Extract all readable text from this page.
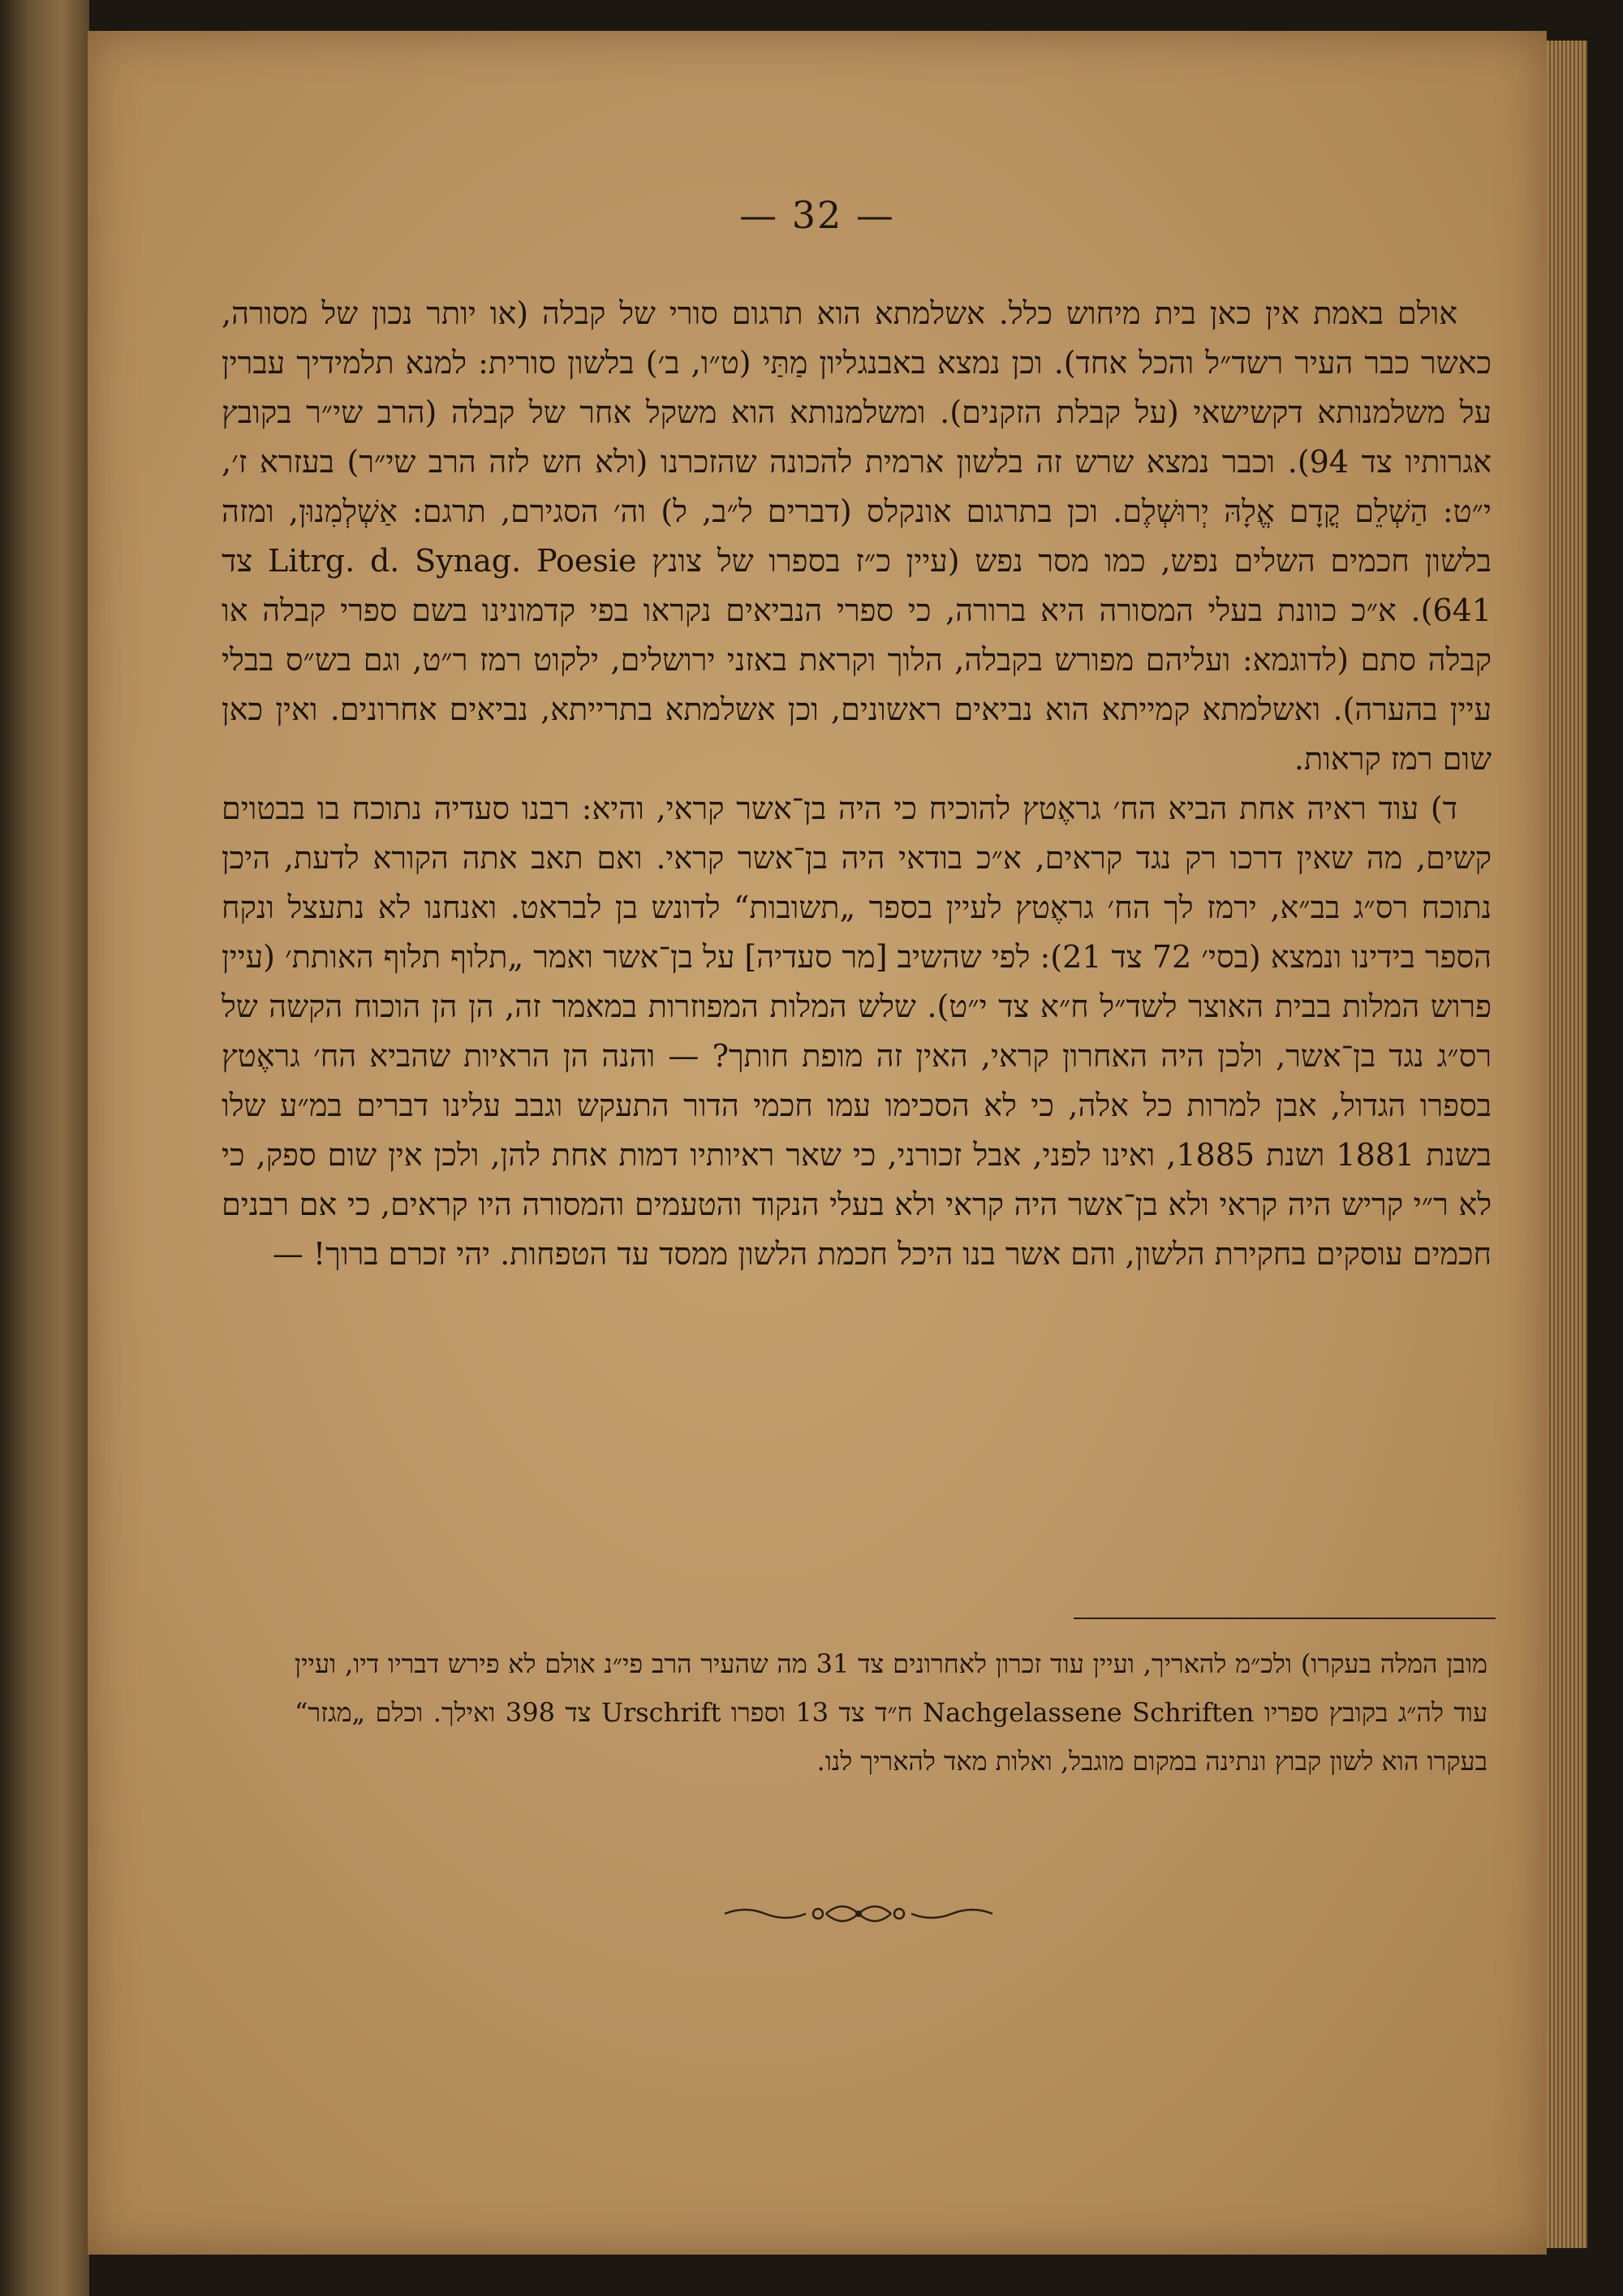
— 32 —

אולם באמת אין כאן בית מיחוש כלל. אשלמתא הוא תרגום סורי של קבלה (או יותר נכון של מסורה, כאשר כבר העיר רשד״ל והכל אחד). וכן נמצא באבנגליון מַתַּי (ט״ו, ב׳) בלשון סורית: למנא תלמידיך עברין על משלמנותא דקשישאי (על קבלת הזקנים). ומשלמנותא הוא משקל אחר של קבלה (הרב שי״ר בקובץ אגרותיו צד 94). וכבר נמצא שרש זה בלשון ארמית להכונה שהזכרנו (ולא חש לזה הרב שי״ר) בעזרא ז׳, י״ט: הַשְׁלֵם קֳדָם אֱלָהּ יְרוּשְׁלֶם. וכן בתרגום אונקלס (דברים ל״ב, ל) וה׳ הסגירם, תרגם: אַשְׁלְמִנוּן, ומזה בלשון חכמים השלים נפש, כמו מסר נפש (עיין כ״ז בספרו של צונץ Litrg. d. Synag. Poesie צד 641). א״כ כוונת בעלי המסורה היא ברורה, כי ספרי הנביאים נקראו בפי קדמונינו בשם ספרי קבלה או קבלה סתם (לדוגמא: ועליהם מפורש בקבלה, הלוך וקראת באזני ירושלים, ילקוט רמז ר״ט, וגם בש״ס בבלי עיין בהערה). ואשלמתא קמייתא הוא נביאים ראשונים, וכן אשלמתא בתרייתא, נביאים אחרונים. ואין כאן שום רמז קראות.

ד) עוד ראיה אחת הביא הח׳ גראֶטץ להוכיח כי היה בן־אשר קראי, והיא: רבנו סעדיה נתוכח בו בבטוים קשים, מה שאין דרכו רק נגד קראים, א״כ בודאי היה בן־אשר קראי. ואם תאב אתה הקורא לדעת, היכן נתוכח רס״ג בב״א, ירמז לך הח׳ גראֶטץ לעיין בספר „תשובות“ לדונש בן לבראט. ואנחנו לא נתעצל ונקח הספר בידינו ונמצא (בסי׳ 72 צד 21): לפי שהשיב [מר סעדיה] על בן־אשר ואמר „תלוף תלוף האותת׳ (עיין פרוש המלות בבית האוצר לשד״ל ח״א צד י״ט). שלש המלות המפוזרות במאמר זה, הן הן הוכוח הקשה של רס״ג נגד בן־אשר, ולכן היה האחרון קראי, האין זה מופת חותך? — והנה הן הראיות שהביא הח׳ גראֶטץ בספרו הגדול, אבן למרות כל אלה, כי לא הסכימו עמו חכמי הדור התעקש וגבב עלינו דברים במ״ע שלו בשנת 1881 ושנת 1885, ואינו לפני, אבל זכורני, כי שאר ראיותיו דמות אחת להן, ולכן אין שום ספק, כי לא ר״י קריש היה קראי ולא בן־אשר היה קראי ולא בעלי הנקוד והטעמים והמסורה היו קראים, כי אם רבנים חכמים עוסקים בחקירת הלשון, והם אשר בנו היכל חכמת הלשון ממסד עד הטפחות. יהי זכרם ברוך! —

מובן המלה בעקרו) ולכ״מ להאריך, ועיין עוד זכרון לאחרונים צד 31 מה שהעיר הרב פי״נ אולם לא פירש דבריו דיו, ועיין עוד לה״ג בקובץ ספריו Nachgelassene Schriften ח״ד צד 13 וספרו Urschrift צד 398 ואילך. וכלם „מגזר“ בעקרו הוא לשון קבוץ ונתינה במקום מוגבל, ואלות מאד להאריך לנו.
